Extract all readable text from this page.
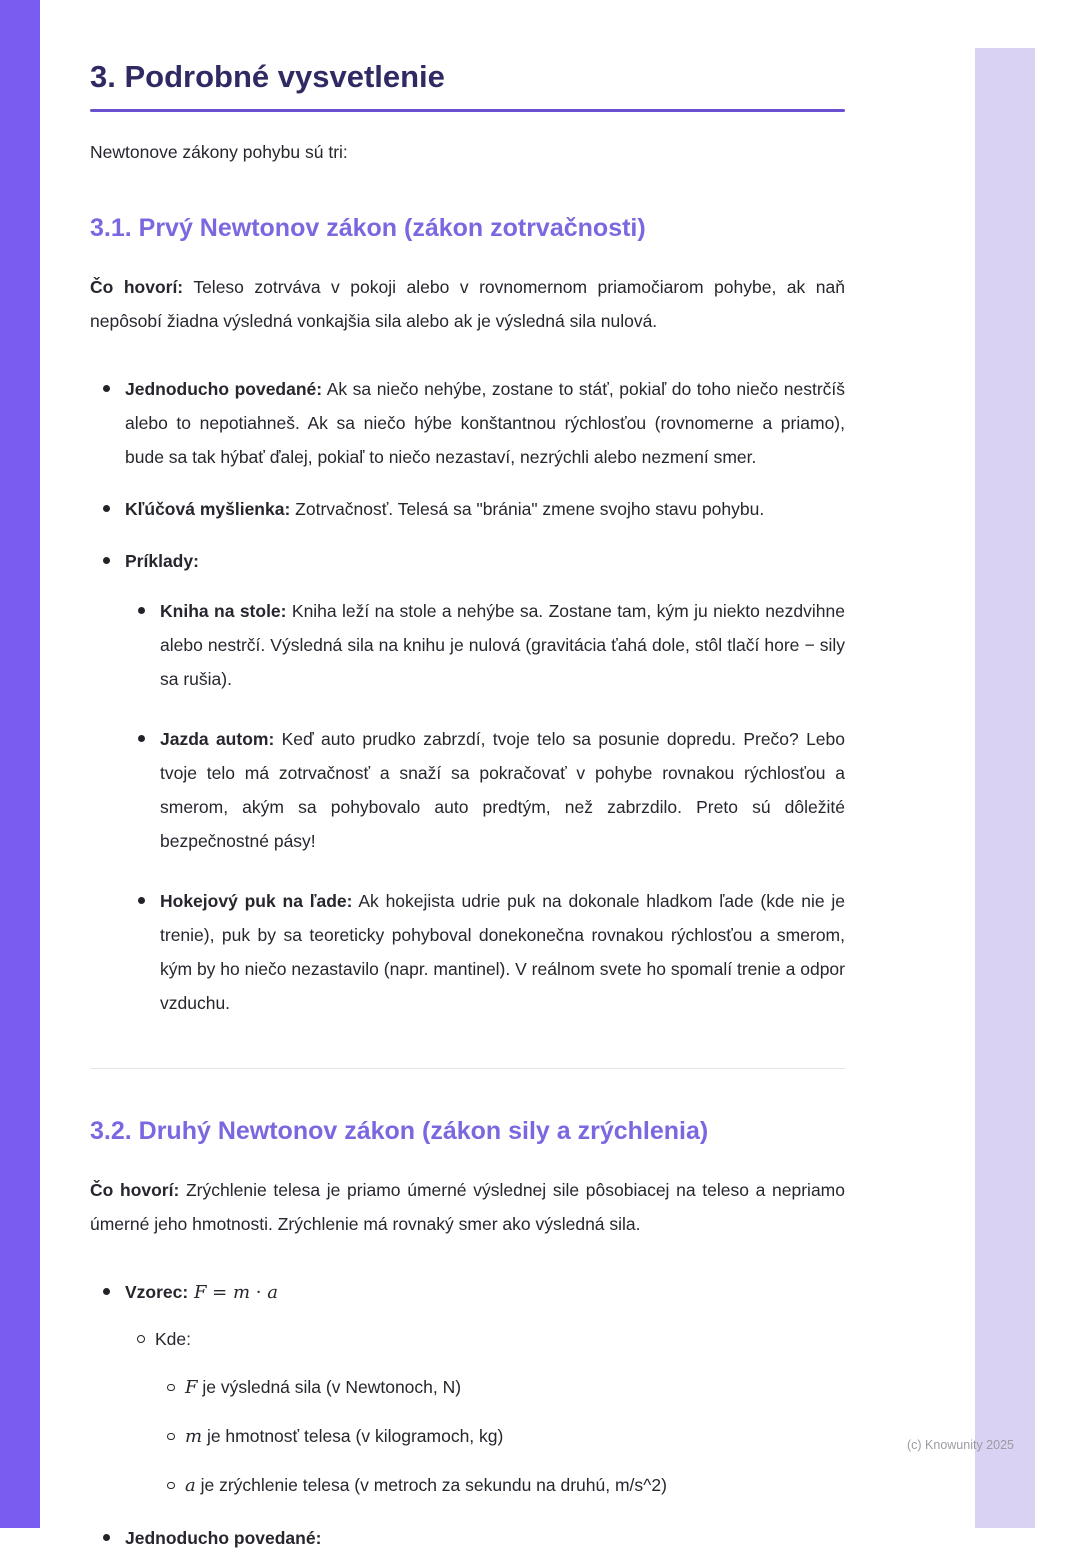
3. Podrobné vysvetlenie

Newtonove zákony pohybu sú tri:

3.1. Prvý Newtonov zákon (zákon zotrvačnosti)

Čo hovorí: Teleso zotrváva v pokoji alebo v rovnomernom priamočiarom pohybe, ak naň nepôsobí žiadna výsledná vonkajšia sila alebo ak je výsledná sila nulová.

Jednoducho povedané: Ak sa niečo nehýbe, zostane to stáť, pokiaľ do toho niečo nestrčíš alebo to nepotiahneš. Ak sa niečo hýbe konštantnou rýchlosťou (rovnomerne a priamo), bude sa tak hýbať ďalej, pokiaľ to niečo nezastaví, nezrýchli alebo nezmení smer.
Kľúčová myšlienka: Zotrvačnosť. Telesá sa "bránia" zmene svojho stavu pohybu.
Príklady:
Kniha na stole: Kniha leží na stole a nehýbe sa. Zostane tam, kým ju niekto nezdvihne alebo nestrčí. Výsledná sila na knihu je nulová (gravitácia ťahá dole, stôl tlačí hore − sily sa rušia).
Jazda autom: Keď auto prudko zabrzdí, tvoje telo sa posunie dopredu. Prečo? Lebo tvoje telo má zotrvačnosť a snaží sa pokračovať v pohybe rovnakou rýchlosťou a smerom, akým sa pohybovalo auto predtým, než zabrzdilo. Preto sú dôležité bezpečnostné pásy!
Hokejový puk na ľade: Ak hokejista udrie puk na dokonale hladkom ľade (kde nie je trenie), puk by sa teoreticky pohyboval donekonečna rovnakou rýchlosťou a smerom, kým by ho niečo nezastavilo (napr. mantinel). V reálnom svete ho spomalí trenie a odpor vzduchu.
3.2. Druhý Newtonov zákon (zákon sily a zrýchlenia)

Čo hovorí: Zrýchlenie telesa je priamo úmerné výslednej sile pôsobiacej na teleso a nepriamo úmerné jeho hmotnosti. Zrýchlenie má rovnaký smer ako výsledná sila.

Vzorec: F = m · a
Kde:
F je výsledná sila (v Newtonoch, N)
m je hmotnosť telesa (v kilogramoch, kg)
a je zrýchlenie telesa (v metroch za sekundu na druhú, m/s^2)
Jednoducho povedané:
(c) Knowunity 2025
